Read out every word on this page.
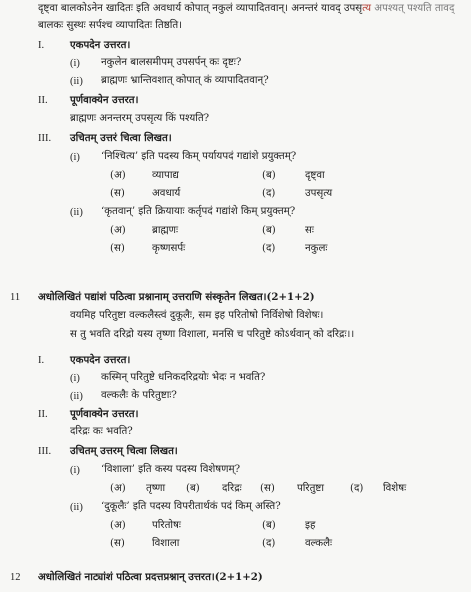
दृष्ट्वा बालकोऽनेन खादितः इति अवधार्य कोपात् नकुलं व्यापादितवान्। अनन्तरं यावद् उपसृत्य अपश्यत् पश्यति तावद्
बालकः सुस्थः सर्पश्च व्यापादितः तिष्ठति।
I.	एकपदेन उत्तरत।
(i) नकुलेन बालसमीपम् उपसर्पन् कः दृष्टः?
(ii) ब्राह्मणः भ्रान्तिवशात् कोपात् कं व्यापादितवान्?
II. पूर्णवाक्येन उत्तरत।
ब्राह्मणः अनन्तरम् उपसृत्य किं पश्यति?
III. उचितम् उत्तरं चित्वा लिखत।
(i) ‘निश्चित्य’ इति पदस्य किम् पर्यायपदं गद्यांशे प्रयुक्तम्?
(अ)	व्यापाद्य	(ब)	दृष्ट्वा
(स)	अवधार्य	(द)	उपसृत्य
(ii) ‘कृतवान्’ इति क्रियायाः कर्तृपदं गद्यांशे किम् प्रयुक्तम्?
(अ)	ब्राह्मणः	(ब)	सः
(स)	कृष्णसर्पः	(द)	नकुलः
11 अधोलिखितं पद्यांशं पठित्वा प्रश्नानाम् उत्तराणि संस्कृतेन लिखत।(2+1+2)
वयमिह परितुष्टा वल्कलैस्त्वं दुकूलैः, सम इह परितोषो निर्विशेषो विशेषः।
स तु भवति दरिद्रो यस्य तृष्णा विशाला, मनसि च परितुष्टे कोऽर्थवान् को दरिद्रः।।
I.	एकपदेन उत्तरत।
(i) कस्मिन् परितुष्टे धनिकदरिद्रयोः भेदः न भवति?
(ii) वल्कलैः के परितुष्टाः?
II. पूर्णवाक्येन उत्तरत।
दरिद्रः कः भवति?
III. उचितम् उत्तरम् चित्वा लिखत।
(i) ‘विशाला’ इति कस्य पदस्य विशेषणम्?
(अ) तृष्णा (ब) दरिद्रः (स) परितुष्टा	(द) विशेषः
(ii) ‘दुकूलैः’ इति पदस्य विपरीतार्थकं पदं किम् अस्ति?
(अ)	परितोषः	(ब)	इह
(स)	विशाला	(द)	वल्कलैः
12 अधोलिखितं नाट्यांशं पठित्वा प्रदत्तप्रश्नान् उत्तरत।(2+1+2)
